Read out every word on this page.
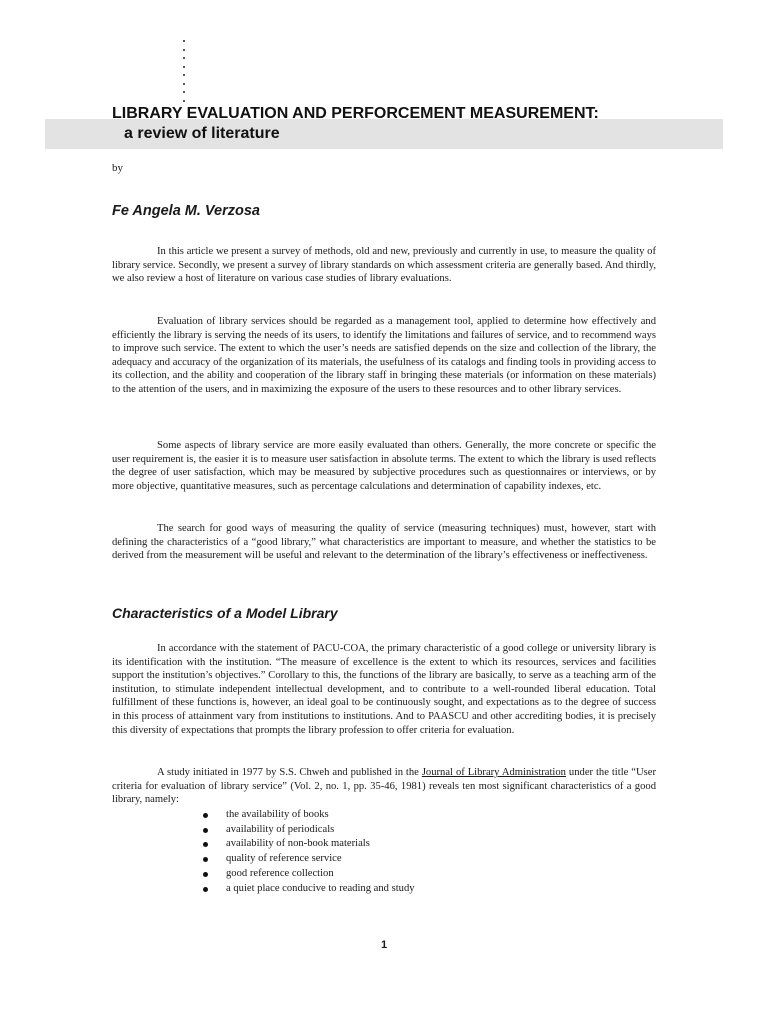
LIBRARY EVALUATION AND PERFORCEMENT MEASUREMENT:
a review of literature
by
Fe Angela M. Verzosa

In this article we present a survey of methods, old and new, previously and currently in use, to measure the quality of library service. Secondly, we present a survey of library standards on which assessment criteria are generally based. And thirdly, we also review a host of literature on various case studies of library evaluations.

Evaluation of library services should be regarded as a management tool, applied to determine how effectively and efficiently the library is serving the needs of its users, to identify the limitations and failures of service, and to recommend ways to improve such service. The extent to which the user’s needs are satisfied depends on the size and collection of the library, the adequacy and accuracy of the organization of its materials, the usefulness of its catalogs and finding tools in providing access to its collection, and the ability and cooperation of the library staff in bringing these materials (or information on these materials) to the attention of the users, and in maximizing the exposure of the users to these resources and to other library services.

Some aspects of library service are more easily evaluated than others. Generally, the more concrete or specific the user requirement is, the easier it is to measure user satisfaction in absolute terms. The extent to which the library is used reflects the degree of user satisfaction, which may be measured by subjective procedures such as questionnaires or interviews, or by more objective, quantitative measures, such as percentage calculations and determination of capability indexes, etc.

The search for good ways of measuring the quality of service (measuring techniques) must, however, start with defining the characteristics of a “good library,” what characteristics are important to measure, and whether the statistics to be derived from the measurement will be useful and relevant to the determination of the library’s effectiveness or ineffectiveness.

Characteristics of a Model Library

In accordance with the statement of PACU-COA, the primary characteristic of a good college or university library is its identification with the institution. “The measure of excellence is the extent to which its resources, services and facilities support the institution’s objectives.” Corollary to this, the functions of the library are basically, to serve as a teaching arm of the institution, to stimulate independent intellectual development, and to contribute to a well-rounded liberal education. Total fulfillment of these functions is, however, an ideal goal to be continuously sought, and expectations as to the degree of success in this process of attainment vary from institutions to institutions. And to PAASCU and other accrediting bodies, it is precisely this diversity of expectations that prompts the library profession to offer criteria for evaluation.

A study initiated in 1977 by S.S. Chweh and published in the Journal of Library Administration under the title “User criteria for evaluation of library service” (Vol. 2, no. 1, pp. 35-46, 1981) reveals ten most significant characteristics of a good library, namely:

the availability of books
availability of periodicals
availability of non-book materials
quality of reference service
good reference collection
a quiet place conducive to reading and study
1
